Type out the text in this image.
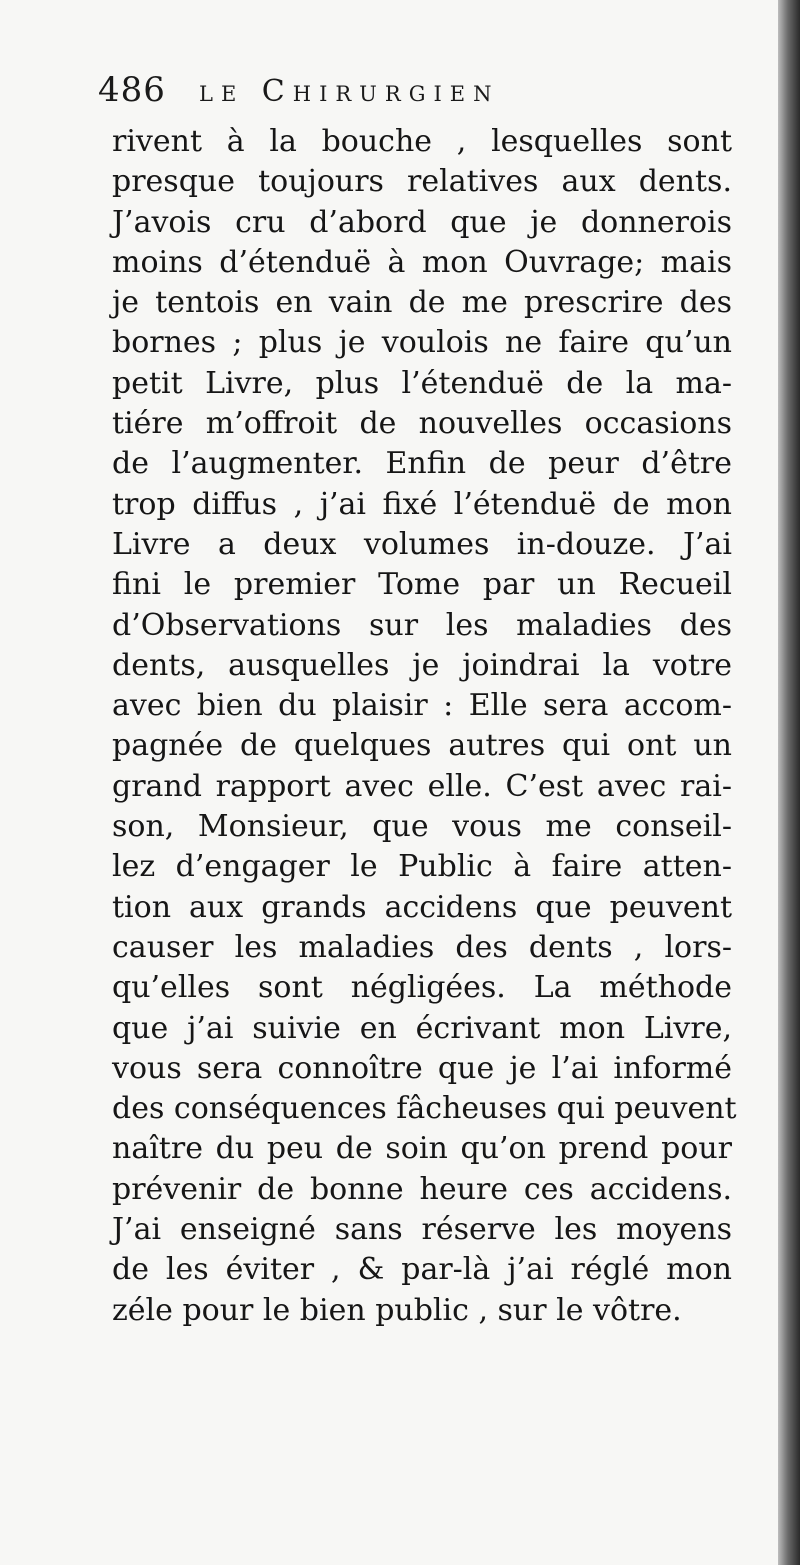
486 le Chirurgien
rivent à la bouche , lesquelles sont
presque toujours relatives aux dents.
J’avois cru d’abord que je donnerois
moins d’étenduë à mon Ouvrage; mais
je tentois en vain de me prescrire des
bornes ; plus je voulois ne faire qu’un
petit Livre, plus l’étenduë de la ma-
tiére m’offroit de nouvelles occasions
de l’augmenter. Enfin de peur d’être
trop diffus , j’ai fixé l’étenduë de mon
Livre a deux volumes in-douze. J’ai
fini le premier Tome par un Recueil
d’Observations sur les maladies des
dents, ausquelles je joindrai la votre
avec bien du plaisir : Elle sera accom-
pagnée de quelques autres qui ont un
grand rapport avec elle. C’est avec rai-
son, Monsieur, que vous me conseil-
lez d’engager le Public à faire atten-
tion aux grands accidens que peuvent
causer les maladies des dents , lors-
qu’elles sont négligées. La méthode
que j’ai suivie en écrivant mon Livre,
vous sera connoître que je l’ai informé
des conséquences fâcheuses qui peuvent
naître du peu de soin qu’on prend pour
prévenir de bonne heure ces accidens.
J’ai enseigné sans réserve les moyens
de les éviter , & par-là j’ai réglé mon
zéle pour le bien public , sur le vôtre.
